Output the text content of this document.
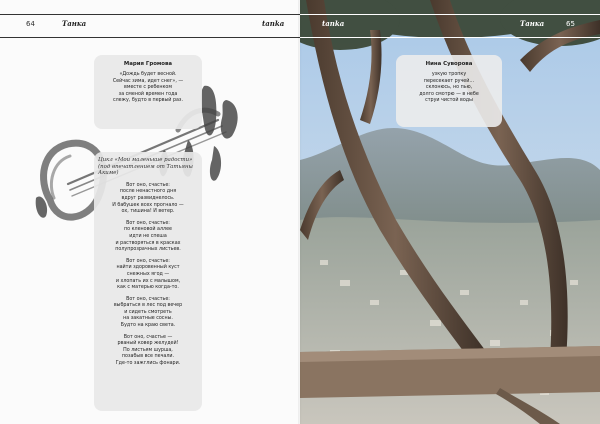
64	Танка	tanka
Мария Громова
«Дождь будет весной.
Сейчас зима, идет снег», —
вместе с ребенком
за сменой времен года
слежу, будто в первый раз.
Цикл «Мои маленькие радости» (под впечатлением от Татьяны Акиме)
Вот оно, счастье:
после ненастного дня
вдруг развиднелось.
И бабушек всех прогнало —
ох, тишина! И ветер.
Вот оно, счастье:
по кленовой аллее
идти не спеша
и растворяться в красках
полупрозрачных листьев.
Вот оно, счастье:
найти здоровенный куст
снежных ягод —
и хлопать их с малышом,
как с матерью когда-то.
Вот оно, счастье:
выбраться в лес под вечер
и сидеть смотреть
на закатные сосны.
Будто на краю света.
Вот оно, счастье —
рваный ковер желудей!
По листьям шурша,
позабыв все печали.
Где-то зажглись фонари.
tanka	Танка	65
Нина Суворова
узкую тропку
пересекает ручей…
склонюсь, но пью,
долго смотрю — в небе
струи чистой воды
